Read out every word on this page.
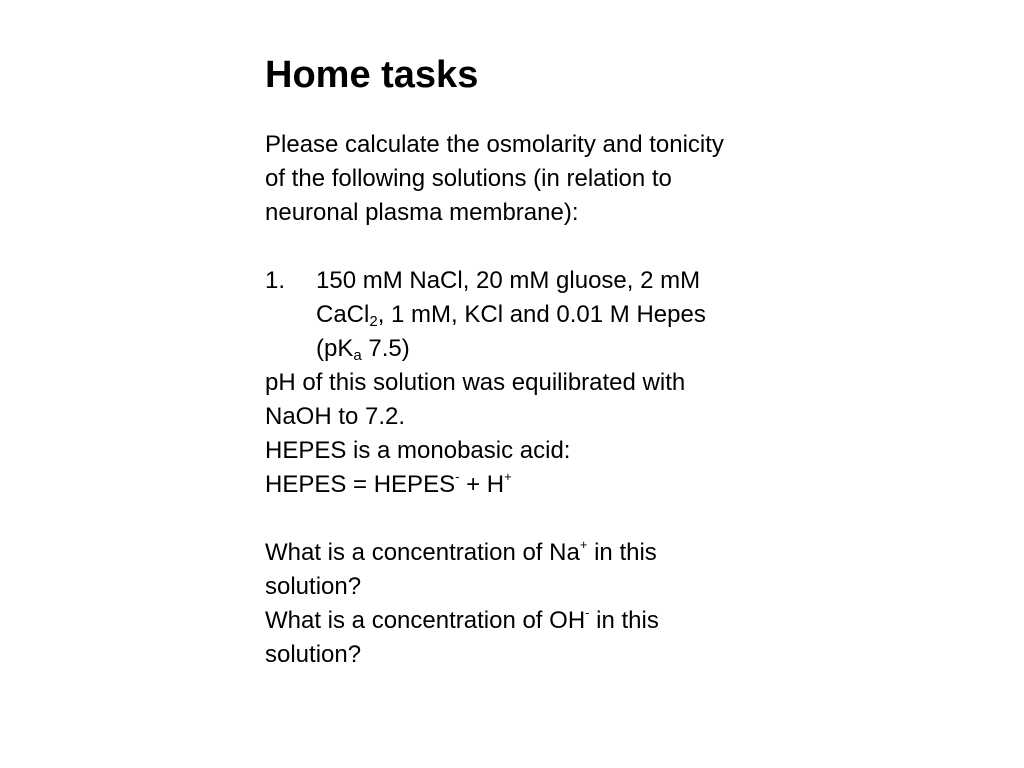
Home tasks

Please calculate the osmolarity and tonicity

of the following solutions (in relation to

neuronal plasma membrane):

1. 150 mM NaCl, 20 mM gluose, 2 mM

CaCl$_2$, 1 mM, KCl and 0.01 M Hepes

($pK_a$ 7.5)

pH of this solution was equilibrated with

NaOH to 7.2.

HEPES is a monobasic acid:

HEPES = HEPES- + H+

What is a concentration of Na+ in this

solution?

What is a concentration of OH- in this

solution?
